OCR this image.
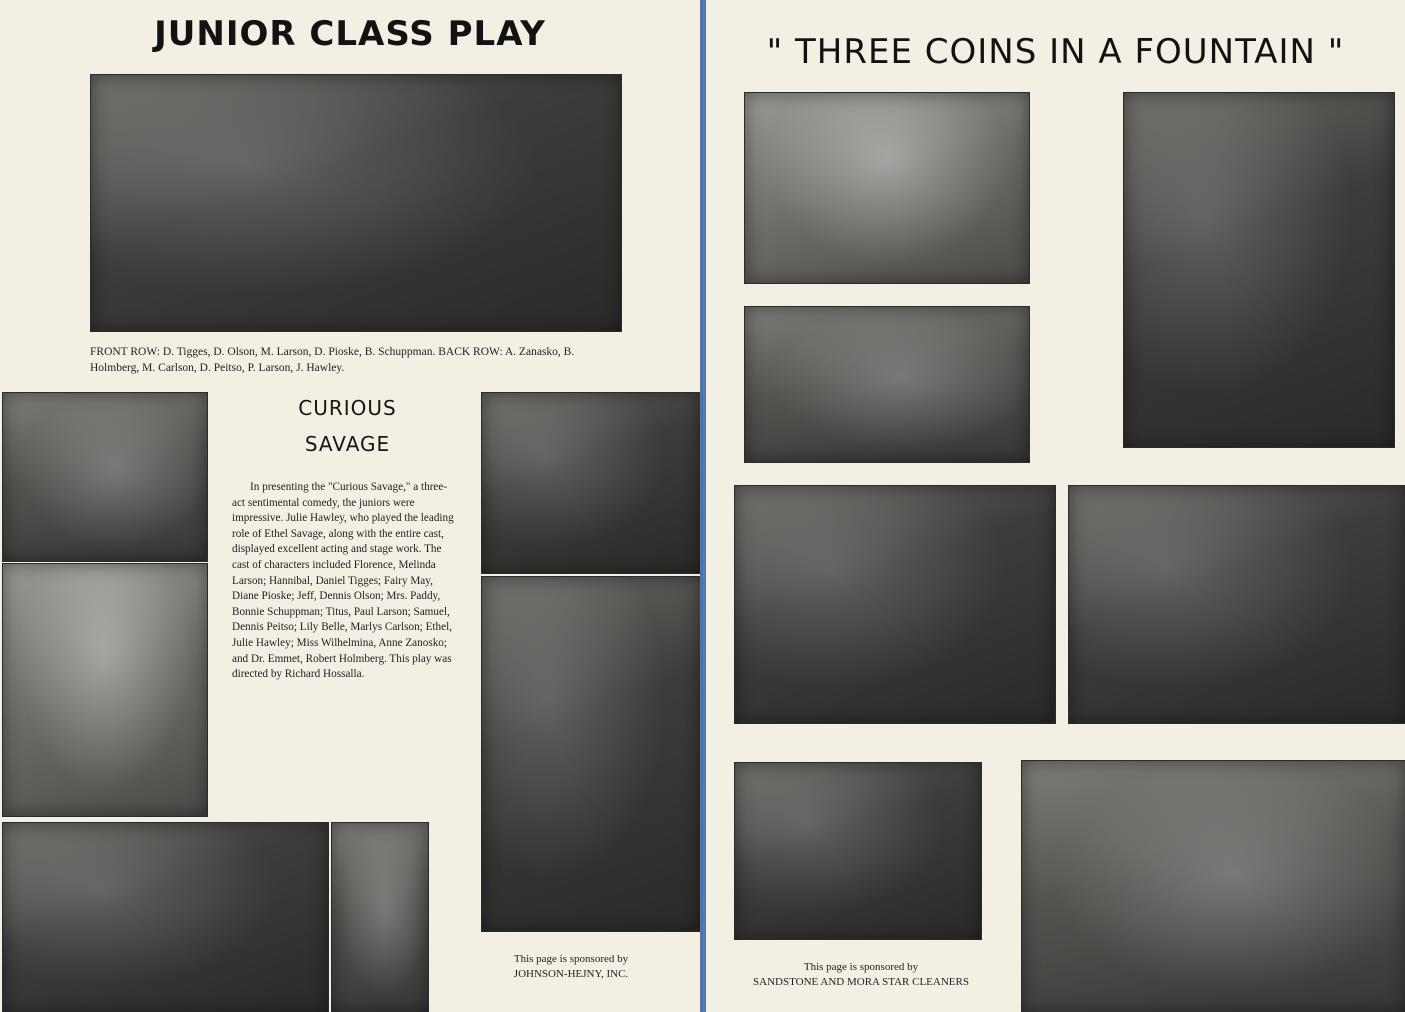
JUNIOR CLASS PLAY

FRONT ROW: D. Tigges, D. Olson, M. Larson, D. Pioske, B. Schuppman. BACK ROW: A. Zanasko, B. Holmberg, M. Carlson, D. Peitso, P. Larson, J. Hawley.

CURIOUS
SAVAGE

In presenting the "Curious Savage," a three-act sentimental comedy, the juniors were impressive. Julie Hawley, who played the leading role of Ethel Savage, along with the entire cast, displayed excellent acting and stage work. The cast of characters included Florence, Melinda Larson; Hannibal, Daniel Tigges; Fairy May, Diane Pioske; Jeff, Dennis Olson; Mrs. Paddy, Bonnie Schuppman; Titus, Paul Larson; Samuel, Dennis Peitso; Lily Belle, Marlys Carlson; Ethel, Julie Hawley; Miss Wilhelmina, Anne Zanosko; and Dr. Emmet, Robert Holmberg. This play was directed by Richard Hossalla.

This page is sponsored by
JOHNSON-HEJNY, INC.
" THREE COINS IN A FOUNTAIN "
This page is sponsored by
SANDSTONE AND MORA STAR CLEANERS
